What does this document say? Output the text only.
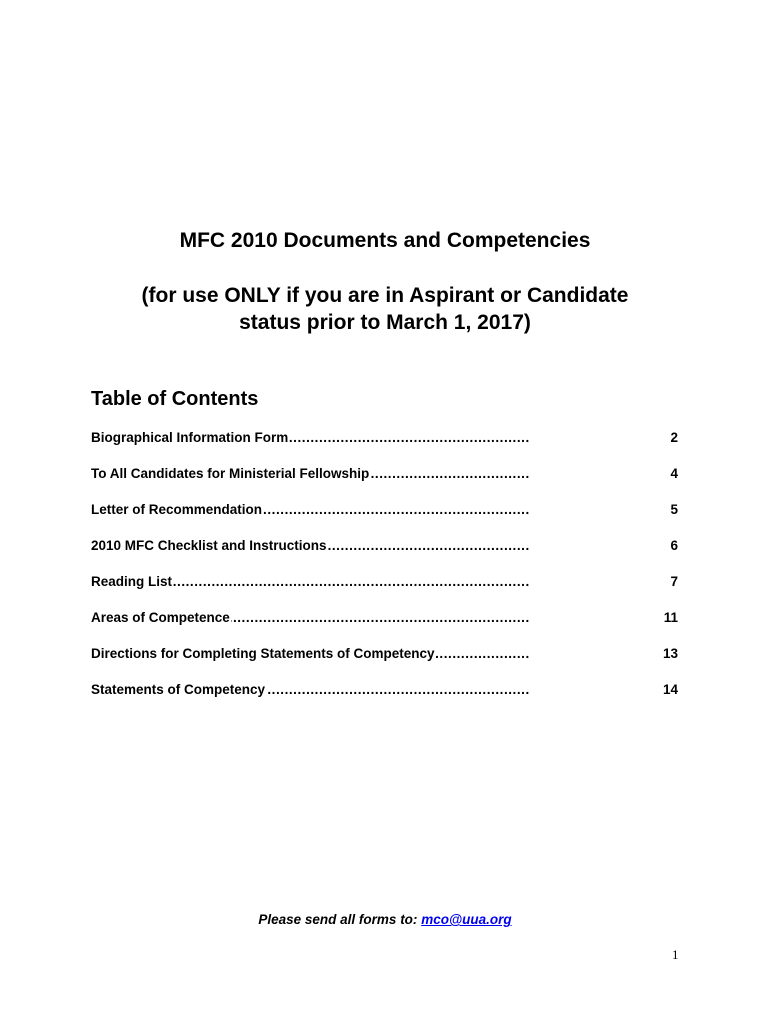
MFC 2010 Documents and Competencies
(for use ONLY if you are in Aspirant or Candidate
status prior to March 1, 2017)
Table of Contents
. . .
Biographical Information Form	2
. . .
To All Candidates for Ministerial Fellowship	4
. . .
Letter of Recommendation	5
. . .
2010 MFC Checklist and Instructions	6
. . .
Reading List	7
. . .
Areas of Competence	11
. . .
Directions for Completing Statements of Competency	13
. . .
Statements of Competency	14

Please send all forms to: mco@uua.org

1
